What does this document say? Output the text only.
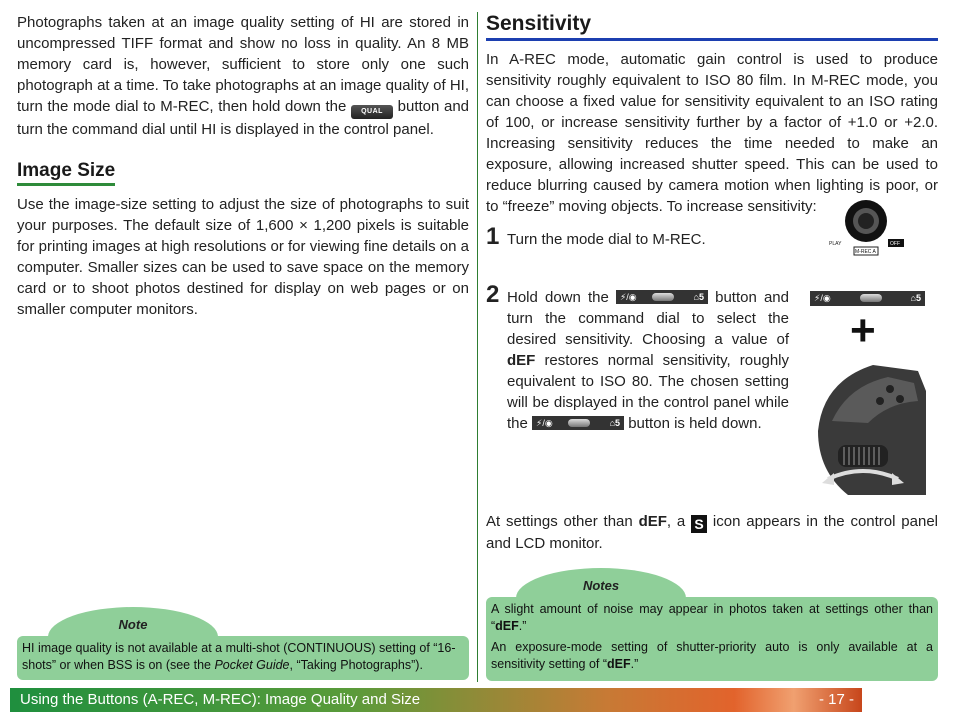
Photographs taken at an image quality setting of HI are stored in uncompressed TIFF format and show no loss in quality. An 8 MB memory card is, however, sufficient to store only one such photograph at a time. To take photographs at an image quality of HI, turn the mode dial to M-REC, then hold down the QUAL button and turn the command dial until HI is displayed in the control panel.

Image Size

Use the image-size setting to adjust the size of photographs to suit your purposes. The default size of 1,600 × 1,200 pixels is suitable for printing images at high resolutions or for viewing fine details on a computer. Smaller sizes can be used to save space on the memory card or to shoot photos destined for display on web pages or on smaller computer monitors.

Note
HI image quality is not available at a multi-shot (CONTINUOUS) setting of “16-shots” or when BSS is on (see the Pocket Guide, “Taking Photographs”).
Sensitivity

In A-REC mode, automatic gain control is used to produce sensitivity roughly equivalent to ISO 80 film. In M-REC mode, you can choose a fixed value for sensitivity equivalent to an ISO rating of 100, or increase sensitivity further by a factor of +1.0 or +2.0. Increasing sensitivity reduces the time needed to make an exposure, allowing increased shutter speed. This can be used to reduce blurring caused by camera motion when lighting is poor, or to “freeze” moving objects. To increase sensitivity:

1 Turn the mode dial to M-REC.
2 Hold down the ⚡/◉	⌂5 button and turn the command dial to select the desired sensitivity. Choosing a value of dEF restores normal sensitivity, roughly equivalent to ISO 80. The chosen setting will be displayed in the control panel while the ⚡/◉	⌂5 button is held down.
PLAY
M-REC A
OFF
⚡/◉	⌂5
+

At settings other than dEF, a S icon appears in the control panel and LCD monitor.

Notes
A slight amount of noise may appear in photos taken at settings other than “dEF.”
An exposure-mode setting of shutter-priority auto is only available at a sensitivity setting of “dEF.”
Using the Buttons (A-REC, M-REC): Image Quality and Size	- 17 -
